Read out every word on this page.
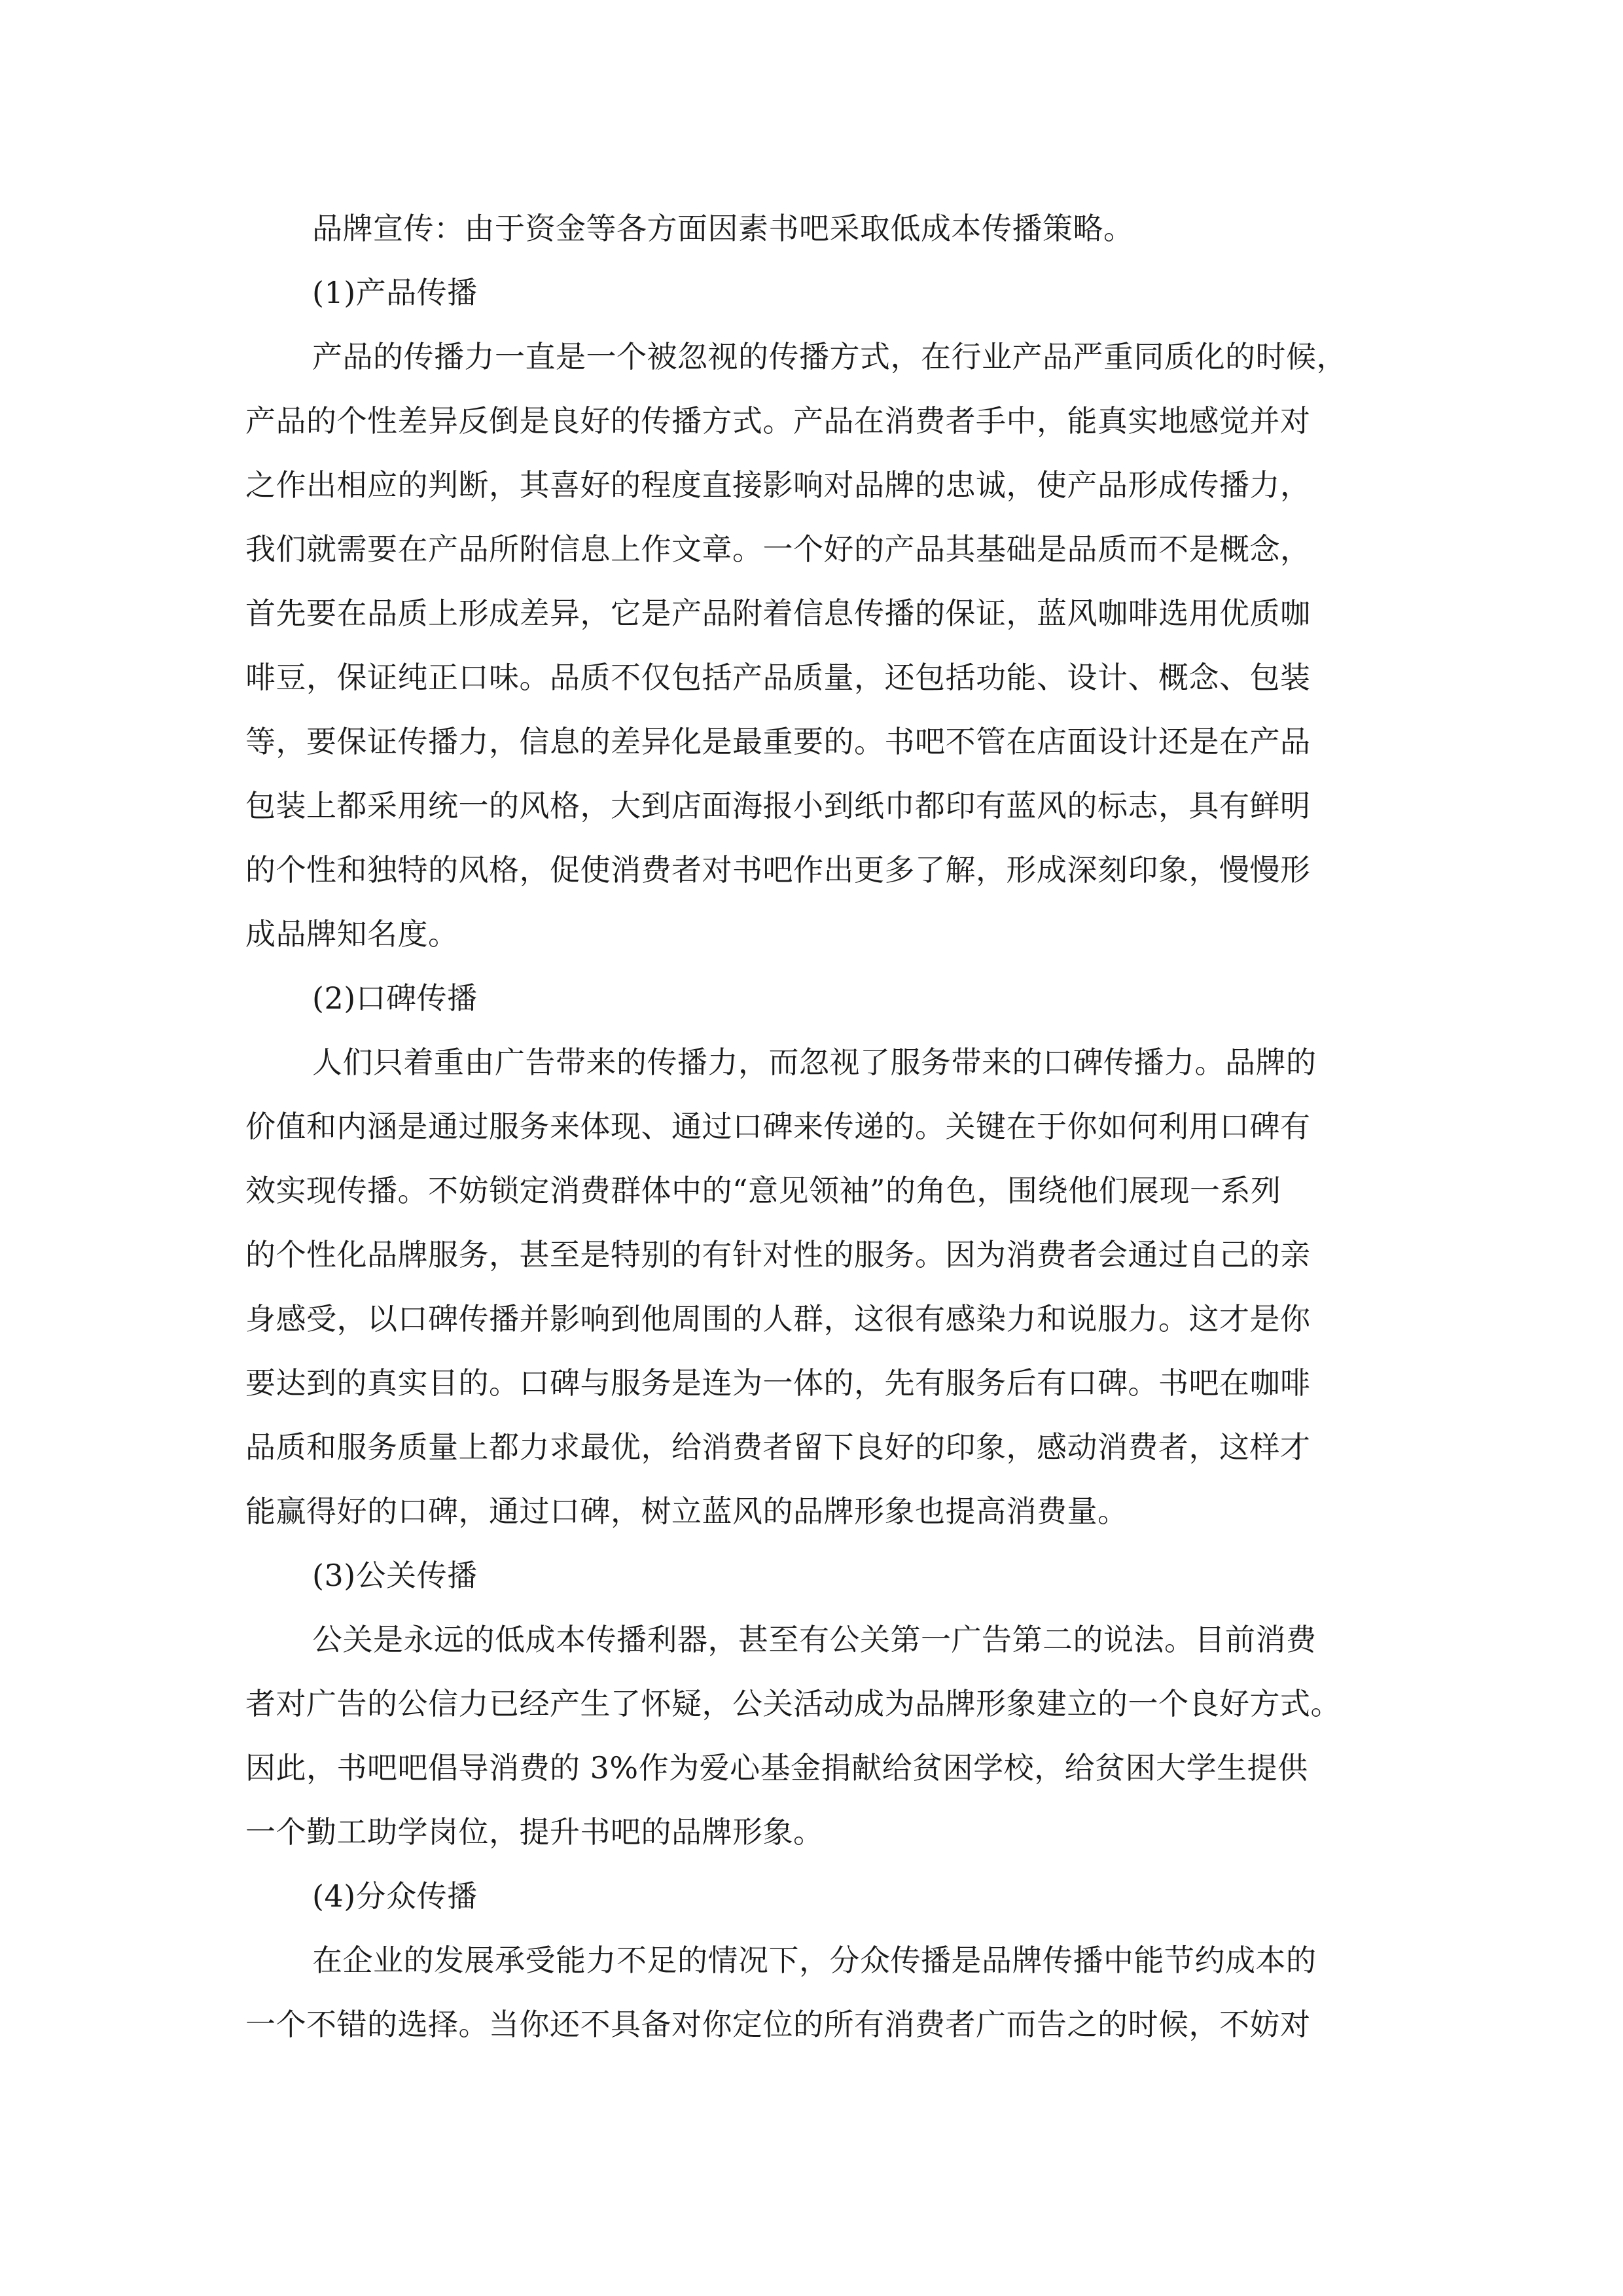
品牌宣传：由于资金等各方面因素书吧采取低成本传播策略。
(1)产品传播
产品的传播力一直是一个被忽视的传播方式，在行业产品严重同质化的时候，
产品的个性差异反倒是良好的传播方式。产品在消费者手中，能真实地感觉并对
之作出相应的判断，其喜好的程度直接影响对品牌的忠诚，使产品形成传播力，
我们就需要在产品所附信息上作文章。一个好的产品其基础是品质而不是概念，
首先要在品质上形成差异，它是产品附着信息传播的保证，蓝风咖啡选用优质咖
啡豆，保证纯正口味。品质不仅包括产品质量，还包括功能、设计、概念、包装
等，要保证传播力，信息的差异化是最重要的。书吧不管在店面设计还是在产品
包装上都采用统一的风格，大到店面海报小到纸巾都印有蓝风的标志，具有鲜明
的个性和独特的风格，促使消费者对书吧作出更多了解，形成深刻印象，慢慢形
成品牌知名度。
(2)口碑传播
人们只着重由广告带来的传播力，而忽视了服务带来的口碑传播力。品牌的
价值和内涵是通过服务来体现、通过口碑来传递的。关键在于你如何利用口碑有
效实现传播。不妨锁定消费群体中的“意见领袖”的角色，围绕他们展现一系列
的个性化品牌服务，甚至是特别的有针对性的服务。因为消费者会通过自己的亲
身感受，以口碑传播并影响到他周围的人群，这很有感染力和说服力。这才是你
要达到的真实目的。口碑与服务是连为一体的，先有服务后有口碑。书吧在咖啡
品质和服务质量上都力求最优，给消费者留下良好的印象，感动消费者，这样才
能赢得好的口碑，通过口碑，树立蓝风的品牌形象也提高消费量。
(3)公关传播
公关是永远的低成本传播利器，甚至有公关第一广告第二的说法。目前消费
者对广告的公信力已经产生了怀疑，公关活动成为品牌形象建立的一个良好方式。
因此，书吧吧倡导消费的 3%作为爱心基金捐献给贫困学校，给贫困大学生提供
一个勤工助学岗位，提升书吧的品牌形象。
(4)分众传播
在企业的发展承受能力不足的情况下，分众传播是品牌传播中能节约成本的
一个不错的选择。当你还不具备对你定位的所有消费者广而告之的时候，不妨对
